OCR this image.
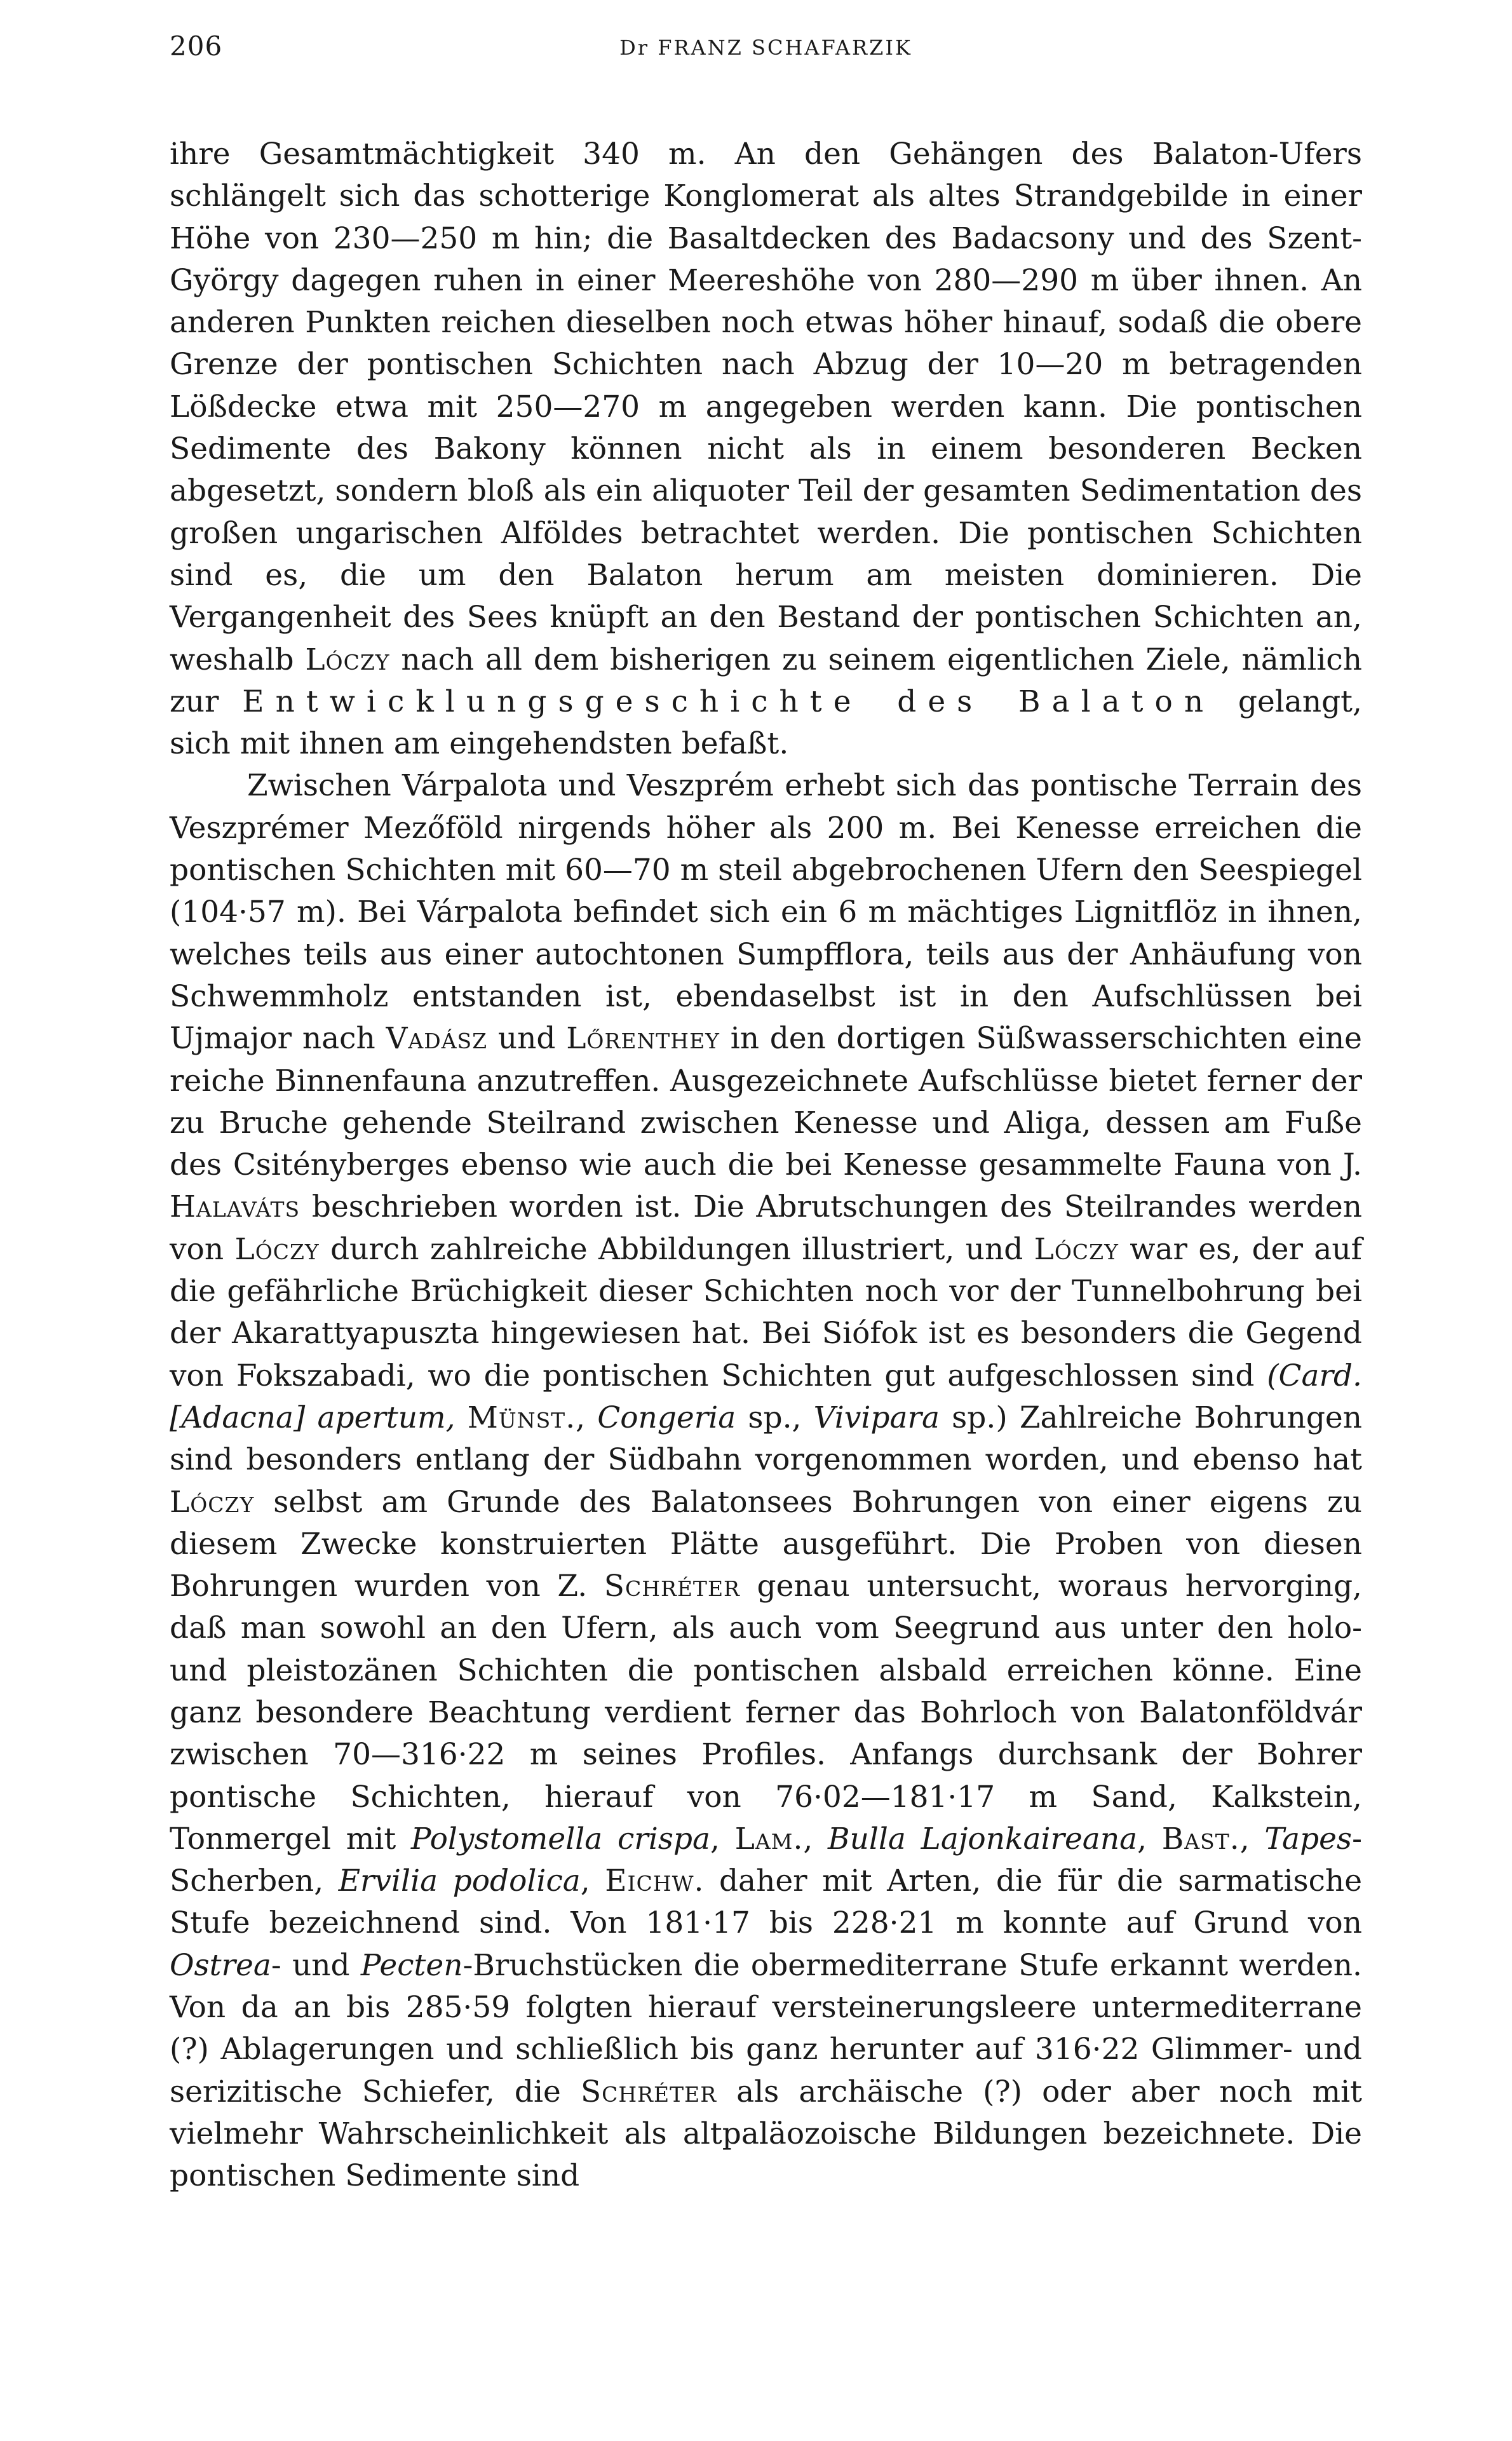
206	Dr FRANZ SCHAFARZIK

ihre Gesamtmächtigkeit 340 m. An den Gehängen des Balaton-Ufers schlängelt sich das schotterige Konglomerat als altes Strandgebilde in einer Höhe von 230—250 m hin; die Basaltdecken des Badacsony und des Szent-György dagegen ruhen in einer Meereshöhe von 280—290 m über ihnen. An anderen Punkten reichen dieselben noch etwas höher hinauf, sodaß die obere Grenze der pontischen Schichten nach Abzug der 10—20 m betragenden Lößdecke etwa mit 250—270 m angegeben werden kann. Die pontischen Sedimente des Bakony können nicht als in einem besonderen Becken abgesetzt, sondern bloß als ein aliquoter Teil der gesamten Sedimentation des großen ungarischen Alföldes betrachtet werden. Die pontischen Schichten sind es, die um den Balaton herum am meisten dominieren. Die Vergangenheit des Sees knüpft an den Bestand der pontischen Schichten an, weshalb Lóczy nach all dem bisherigen zu seinem eigentlichen Ziele, nämlich zur Entwicklungsgeschichte des Balaton gelangt, sich mit ihnen am eingehendsten befaßt.

Zwischen Várpalota und Veszprém erhebt sich das pontische Terrain des Veszprémer Mezőföld nirgends höher als 200 m. Bei Kenesse erreichen die pontischen Schichten mit 60—70 m steil abgebrochenen Ufern den Seespiegel (104·57 m). Bei Várpalota befindet sich ein 6 m mächtiges Lignitflöz in ihnen, welches teils aus einer autochtonen Sumpfflora, teils aus der Anhäufung von Schwemmholz entstanden ist, ebendaselbst ist in den Aufschlüssen bei Ujmajor nach Vadász und Lőrenthey in den dortigen Süßwasserschichten eine reiche Binnenfauna anzutreffen. Ausgezeichnete Aufschlüsse bietet ferner der zu Bruche gehende Steilrand zwischen Kenesse und Aliga, dessen am Fuße des Csitényberges ebenso wie auch die bei Kenesse gesammelte Fauna von J. Halaváts beschrieben worden ist. Die Abrutschungen des Steilrandes werden von Lóczy durch zahlreiche Abbildungen illustriert, und Lóczy war es, der auf die gefährliche Brüchigkeit dieser Schichten noch vor der Tunnelbohrung bei der Akarattyapuszta hingewiesen hat. Bei Siófok ist es besonders die Gegend von Fokszabadi, wo die pontischen Schichten gut aufgeschlossen sind (Card. [Adacna] apertum, Münst., Congeria sp., Vivipara sp.) Zahlreiche Bohrungen sind besonders entlang der Südbahn vorgenommen worden, und ebenso hat Lóczy selbst am Grunde des Balatonsees Bohrungen von einer eigens zu diesem Zwecke konstruierten Plätte ausgeführt. Die Proben von diesen Bohrungen wurden von Z. Schréter genau untersucht, woraus hervorging, daß man sowohl an den Ufern, als auch vom Seegrund aus unter den holo- und pleistozänen Schichten die pontischen alsbald erreichen könne. Eine ganz besondere Beachtung verdient ferner das Bohrloch von Balatonföldvár zwischen 70—316·22 m seines Profiles. Anfangs durchsank der Bohrer pontische Schichten, hierauf von 76·02—181·17 m Sand, Kalkstein, Tonmergel mit Polystomella crispa, Lam., Bulla Lajonkaireana, Bast., Tapes-Scherben, Ervilia podolica, Eichw. daher mit Arten, die für die sarmatische Stufe bezeichnend sind. Von 181·17 bis 228·21 m konnte auf Grund von Ostrea- und Pecten-Bruchstücken die obermediterrane Stufe erkannt werden. Von da an bis 285·59 folgten hierauf versteinerungsleere untermediterrane (?) Ablagerungen und schließlich bis ganz herunter auf 316·22 Glimmer- und serizitische Schiefer, die Schréter als archäische (?) oder aber noch mit vielmehr Wahrscheinlichkeit als altpaläozoische Bildungen bezeichnete. Die pontischen Sedimente sind
